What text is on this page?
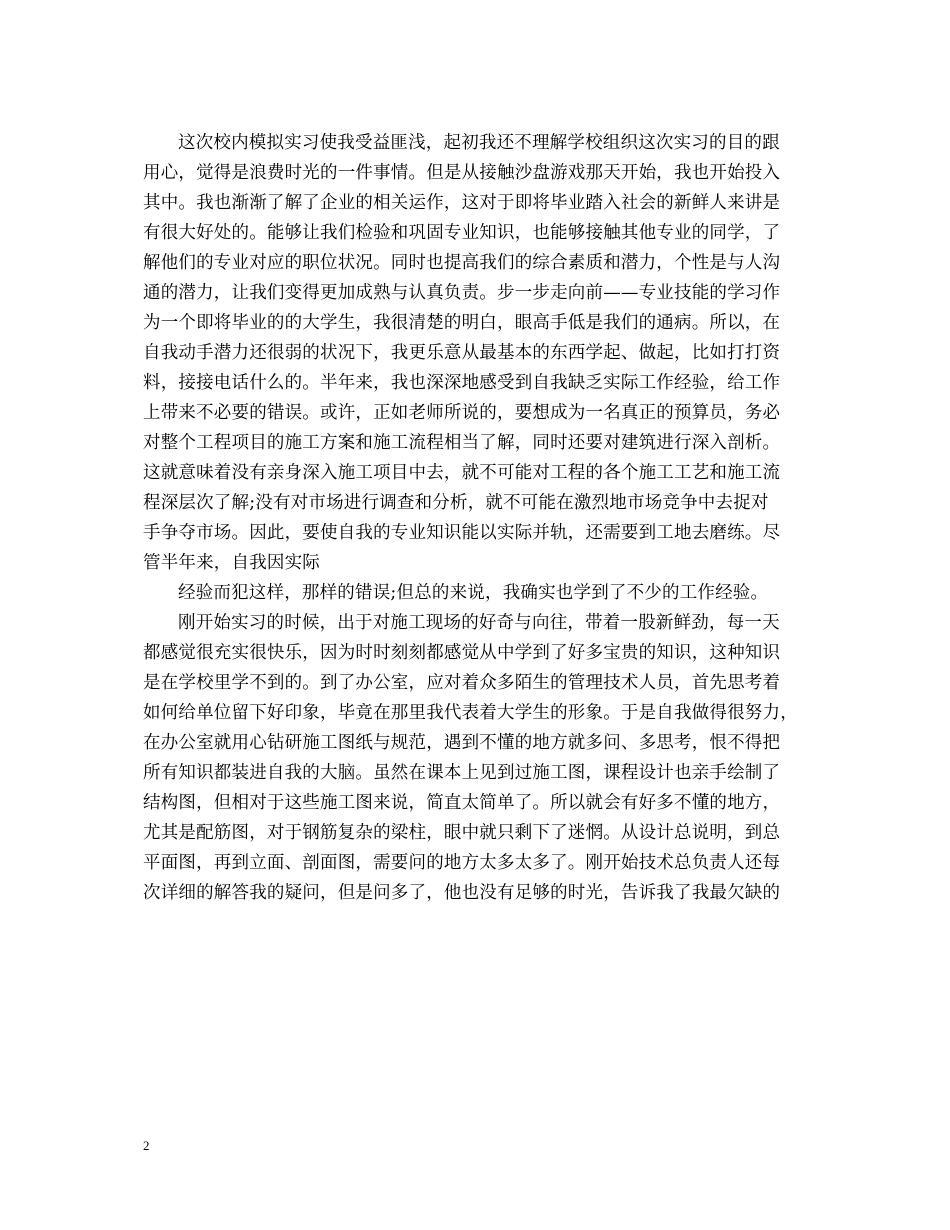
这次校内模拟实习使我受益匪浅，起初我还不理解学校组织这次实习的目的跟
用心，觉得是浪费时光的一件事情。但是从接触沙盘游戏那天开始，我也开始投入
其中。我也渐渐了解了企业的相关运作，这对于即将毕业踏入社会的新鲜人来讲是
有很大好处的。能够让我们检验和巩固专业知识，也能够接触其他专业的同学，了
解他们的专业对应的职位状况。同时也提高我们的综合素质和潜力，个性是与人沟
通的潜力，让我们变得更加成熟与认真负责。步一步走向前——专业技能的学习作
为一个即将毕业的的大学生，我很清楚的明白，眼高手低是我们的通病。所以，在
自我动手潜力还很弱的状况下，我更乐意从最基本的东西学起、做起，比如打打资
料，接接电话什么的。半年来，我也深深地感受到自我缺乏实际工作经验，给工作
上带来不必要的错误。或许，正如老师所说的，要想成为一名真正的预算员，务必
对整个工程项目的施工方案和施工流程相当了解，同时还要对建筑进行深入剖析。
这就意味着没有亲身深入施工项目中去，就不可能对工程的各个施工工艺和施工流
程深层次了解;没有对市场进行调查和分析，就不可能在激烈地市场竞争中去捉对
手争夺市场。因此，要使自我的专业知识能以实际并轨，还需要到工地去磨练。尽
管半年来，自我因实际
经验而犯这样，那样的错误;但总的来说，我确实也学到了不少的工作经验。
刚开始实习的时候，出于对施工现场的好奇与向往，带着一股新鲜劲，每一天
都感觉很充实很快乐，因为时时刻刻都感觉从中学到了好多宝贵的知识，这种知识
是在学校里学不到的。到了办公室，应对着众多陌生的管理技术人员，首先思考着
如何给单位留下好印象，毕竟在那里我代表着大学生的形象。于是自我做得很努力，
在办公室就用心钻研施工图纸与规范，遇到不懂的地方就多问、多思考，恨不得把
所有知识都装进自我的大脑。虽然在课本上见到过施工图，课程设计也亲手绘制了
结构图，但相对于这些施工图来说，简直太简单了。所以就会有好多不懂的地方，
尤其是配筋图，对于钢筋复杂的梁柱，眼中就只剩下了迷惘。从设计总说明，到总
平面图，再到立面、剖面图，需要问的地方太多太多了。刚开始技术总负责人还每
次详细的解答我的疑问，但是问多了，他也没有足够的时光，告诉我了我最欠缺的
2
